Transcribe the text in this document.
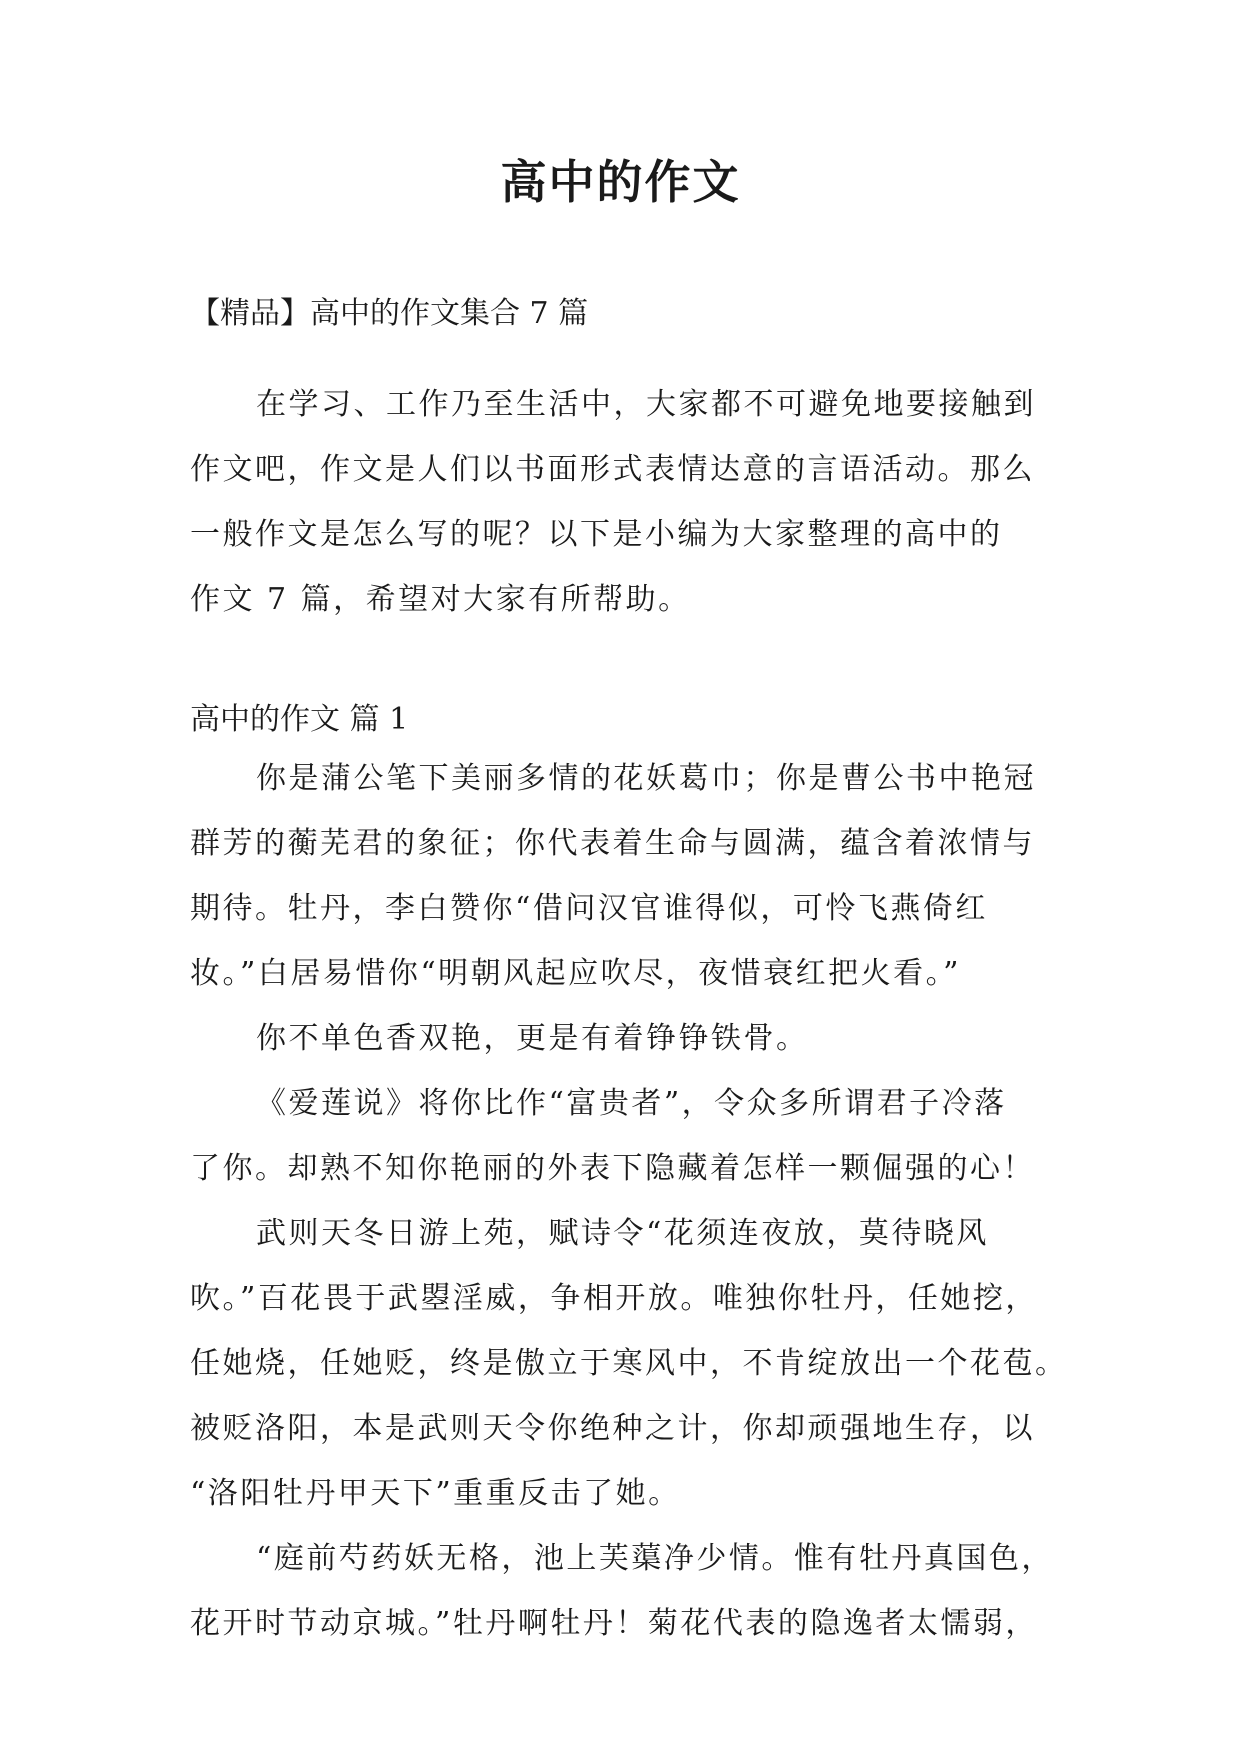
高中的作文

【精品】高中的作文集合 7 篇

在学习、工作乃至生活中，大家都不可避免地要接触到
作文吧，作文是人们以书面形式表情达意的言语活动。那么
一般作文是怎么写的呢？以下是小编为大家整理的高中的
作文 7 篇，希望对大家有所帮助。

高中的作文 篇 1

你是蒲公笔下美丽多情的花妖葛巾；你是曹公书中艳冠
群芳的蘅芜君的象征；你代表着生命与圆满，蕴含着浓情与
期待。牡丹，李白赞你“借问汉官谁得似，可怜飞燕倚红
妆。”白居易惜你“明朝风起应吹尽，夜惜衰红把火看。”
你不单色香双艳，更是有着铮铮铁骨。
《爱莲说》将你比作“富贵者”，令众多所谓君子冷落
了你。却熟不知你艳丽的外表下隐藏着怎样一颗倔强的心！
武则天冬日游上苑，赋诗令“花须连夜放，莫待晓风
吹。”百花畏于武曌淫威，争相开放。唯独你牡丹，任她挖，
任她烧，任她贬，终是傲立于寒风中，不肯绽放出一个花苞。
被贬洛阳，本是武则天令你绝种之计，你却顽强地生存，以
“洛阳牡丹甲天下”重重反击了她。
“庭前芍药妖无格，池上芙蕖净少情。惟有牡丹真国色，
花开时节动京城。”牡丹啊牡丹！菊花代表的隐逸者太懦弱，
